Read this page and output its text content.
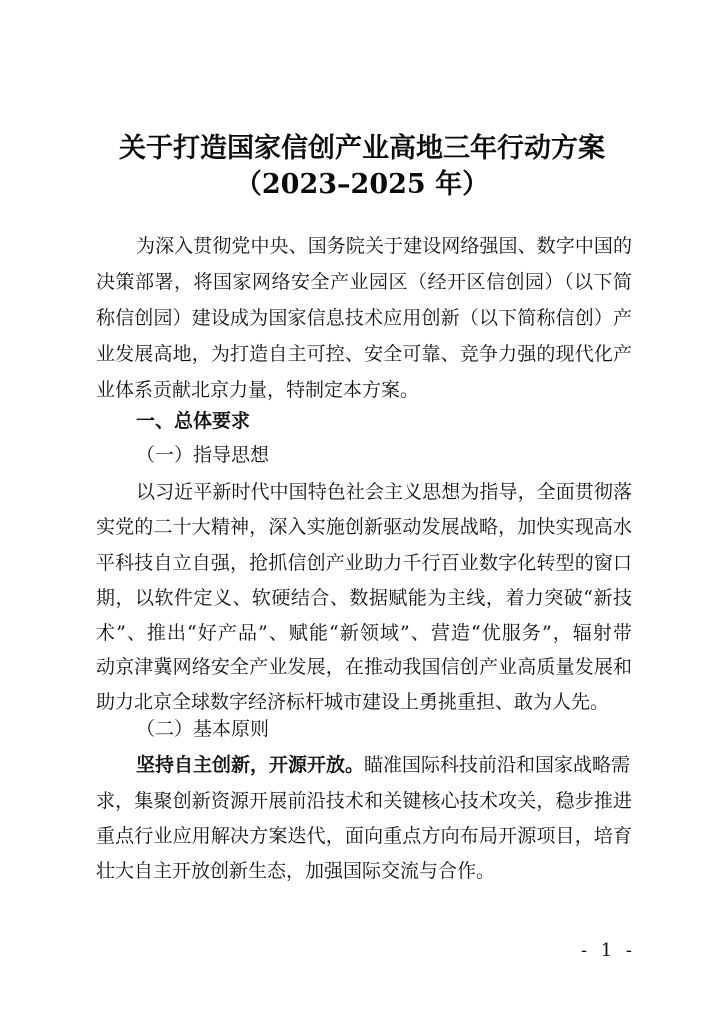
关于打造国家信创产业高地三年行动方案
（2023–2025 年）
为深入贯彻党中央、国务院关于建设网络强国、数字中国的
决策部署，将国家网络安全产业园区（经开区信创园）（以下简
称信创园）建设成为国家信息技术应用创新（以下简称信创）产
业发展高地，为打造自主可控、安全可靠、竞争力强的现代化产
业体系贡献北京力量，特制定本方案。
一、总体要求
（一）指导思想
以习近平新时代中国特色社会主义思想为指导，全面贯彻落
实党的二十大精神，深入实施创新驱动发展战略，加快实现高水
平科技自立自强，抢抓信创产业助力千行百业数字化转型的窗口
期，以软件定义、软硬结合、数据赋能为主线，着力突破“新技
术”、推出“好产品”、赋能“新领域”、营造“优服务”，辐射带
动京津冀网络安全产业发展，在推动我国信创产业高质量发展和
助力北京全球数字经济标杆城市建设上勇挑重担、敢为人先。
（二）基本原则
坚持自主创新，开源开放。瞄准国际科技前沿和国家战略需
求，集聚创新资源开展前沿技术和关键核心技术攻关，稳步推进
重点行业应用解决方案迭代，面向重点方向布局开源项目，培育
壮大自主开放创新生态，加强国际交流与合作。
- 1 -
